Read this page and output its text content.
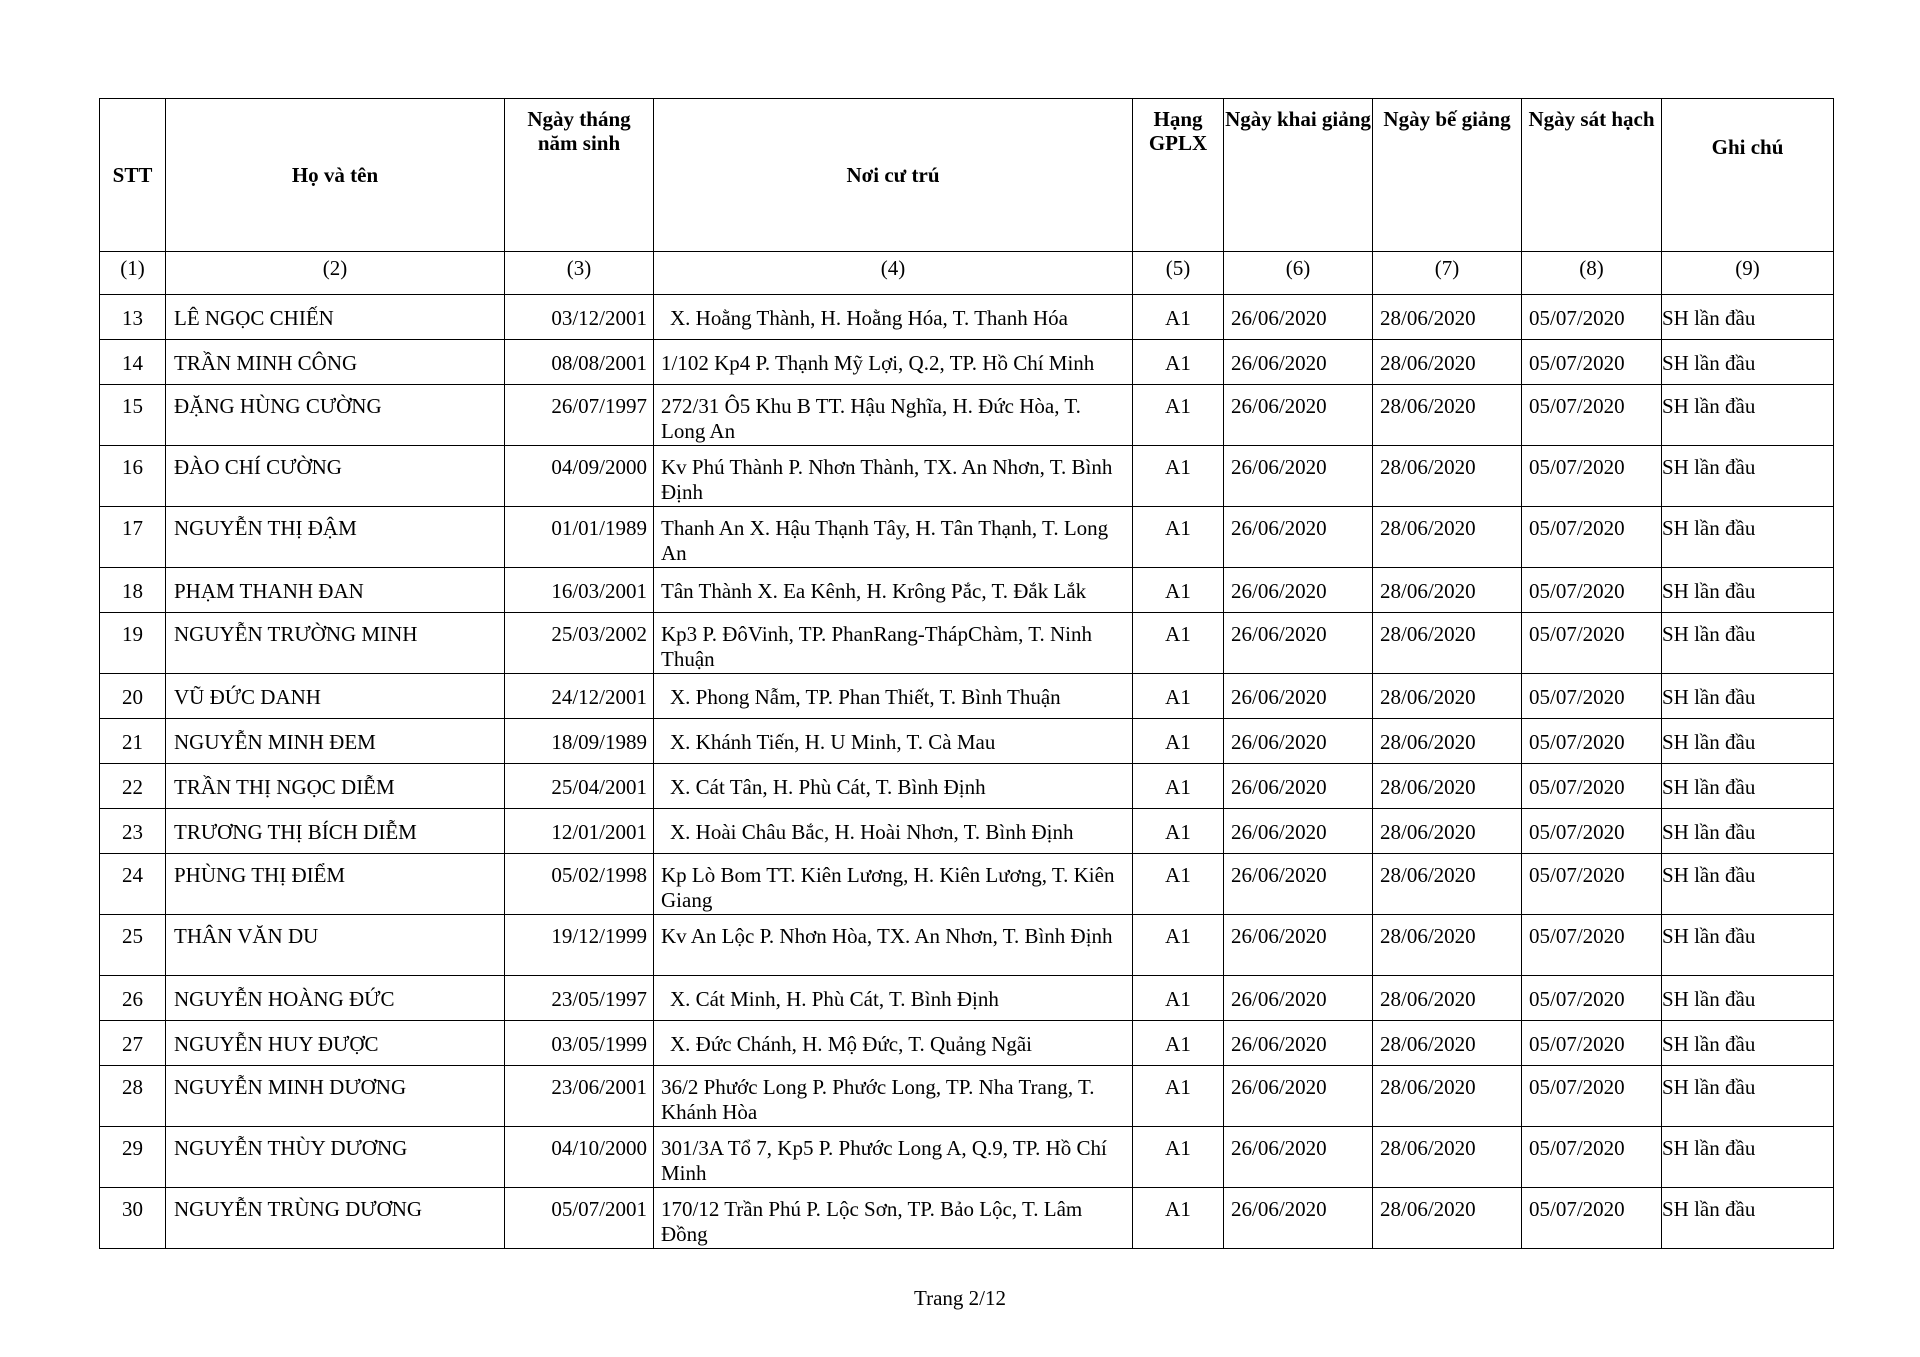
STT	Họ và tên	Ngày tháng năm sinh	Nơi cư trú	Hạng GPLX	Ngày khai giảng	Ngày bế giảng	Ngày sát hạch	Ghi chú
(1)	(2)	(3)	(4)	(5)	(6)	(7)	(8)	(9)
13	LÊ NGỌC CHIẾN	03/12/2001	X. Hoằng Thành, H. Hoằng Hóa, T. Thanh Hóa	A1	26/06/2020	28/06/2020	05/07/2020	SH lần đầu
14	TRẦN MINH CÔNG	08/08/2001	1/102 Kp4 P. Thạnh Mỹ Lợi, Q.2, TP. Hồ Chí Minh	A1	26/06/2020	28/06/2020	05/07/2020	SH lần đầu
15	ĐẶNG HÙNG CƯỜNG	26/07/1997	272/31 Ô5 Khu B TT. Hậu Nghĩa, H. Đức Hòa, T. Long An	A1	26/06/2020	28/06/2020	05/07/2020	SH lần đầu
16	ĐÀO CHÍ CƯỜNG	04/09/2000	Kv Phú Thành P. Nhơn Thành, TX. An Nhơn, T. Bình Định	A1	26/06/2020	28/06/2020	05/07/2020	SH lần đầu
17	NGUYỄN THỊ ĐẬM	01/01/1989	Thanh An X. Hậu Thạnh Tây, H. Tân Thạnh, T. Long An	A1	26/06/2020	28/06/2020	05/07/2020	SH lần đầu
18	PHẠM THANH ĐAN	16/03/2001	Tân Thành X. Ea Kênh, H. Krông Pắc, T. Đắk Lắk	A1	26/06/2020	28/06/2020	05/07/2020	SH lần đầu
19	NGUYỄN TRƯỜNG MINH	25/03/2002	Kp3 P. ĐôVinh, TP. PhanRang-ThápChàm, T. Ninh Thuận	A1	26/06/2020	28/06/2020	05/07/2020	SH lần đầu
20	VŨ ĐỨC DANH	24/12/2001	X. Phong Nẫm, TP. Phan Thiết, T. Bình Thuận	A1	26/06/2020	28/06/2020	05/07/2020	SH lần đầu
21	NGUYỄN MINH ĐEM	18/09/1989	X. Khánh Tiến, H. U Minh, T. Cà Mau	A1	26/06/2020	28/06/2020	05/07/2020	SH lần đầu
22	TRẦN THỊ NGỌC DIỄM	25/04/2001	X. Cát Tân, H. Phù Cát, T. Bình Định	A1	26/06/2020	28/06/2020	05/07/2020	SH lần đầu
23	TRƯƠNG THỊ BÍCH DIỄM	12/01/2001	X. Hoài Châu Bắc, H. Hoài Nhơn, T. Bình Định	A1	26/06/2020	28/06/2020	05/07/2020	SH lần đầu
24	PHÙNG THỊ ĐIỂM	05/02/1998	Kp Lò Bom TT. Kiên Lương, H. Kiên Lương, T. Kiên Giang	A1	26/06/2020	28/06/2020	05/07/2020	SH lần đầu
25	THÂN VĂN DU	19/12/1999	Kv An Lộc P. Nhơn Hòa, TX. An Nhơn, T. Bình Định	A1	26/06/2020	28/06/2020	05/07/2020	SH lần đầu
26	NGUYỄN HOÀNG ĐỨC	23/05/1997	X. Cát Minh, H. Phù Cát, T. Bình Định	A1	26/06/2020	28/06/2020	05/07/2020	SH lần đầu
27	NGUYỄN HUY ĐƯỢC	03/05/1999	X. Đức Chánh, H. Mộ Đức, T. Quảng Ngãi	A1	26/06/2020	28/06/2020	05/07/2020	SH lần đầu
28	NGUYỄN MINH DƯƠNG	23/06/2001	36/2 Phước Long P. Phước Long, TP. Nha Trang, T. Khánh Hòa	A1	26/06/2020	28/06/2020	05/07/2020	SH lần đầu
29	NGUYỄN THÙY DƯƠNG	04/10/2000	301/3A Tổ 7, Kp5 P. Phước Long A, Q.9, TP. Hồ Chí Minh	A1	26/06/2020	28/06/2020	05/07/2020	SH lần đầu
30	NGUYỄN TRÙNG DƯƠNG	05/07/2001	170/12 Trần Phú P. Lộc Sơn, TP. Bảo Lộc, T. Lâm Đồng	A1	26/06/2020	28/06/2020	05/07/2020	SH lần đầu
Trang 2/12
